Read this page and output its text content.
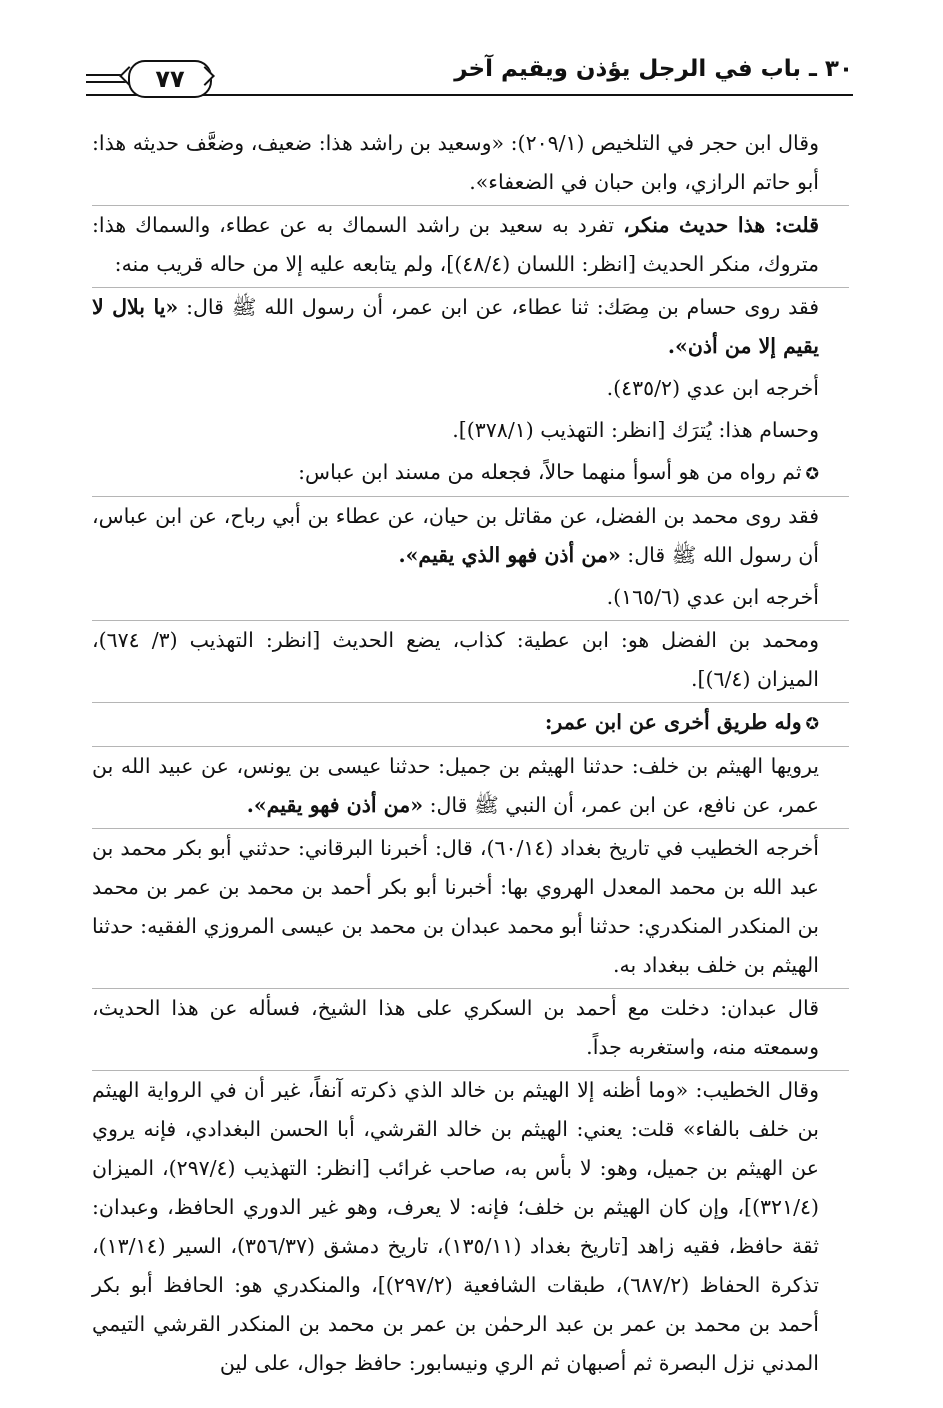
٣٠ ـ باب في الرجل يؤذن ويقيم آخر
٧٧

وقال ابن حجر في التلخيص (٢٠٩/١): «وسعيد بن راشد هذا: ضعيف، وضعَّف حديثه هذا: أبو حاتم الرازي، وابن حبان في الضعفاء».

قلت: هذا حديث منكر، تفرد به سعيد بن راشد السماك به عن عطاء، والسماك هذا: متروك، منكر الحديث [انظر: اللسان (٤٨/٤)]، ولم يتابعه عليه إلا من حاله قريب منه:

فقد روى حسام بن مِصَك: ثنا عطاء، عن ابن عمر، أن رسول الله ﷺ قال: «يا بلال لا يقيم إلا من أذن».

أخرجه ابن عدي (٤٣٥/٢).

وحسام هذا: يُترَك [انظر: التهذيب (٣٧٨/١)].

✪ثم رواه من هو أسوأ منهما حالاً، فجعله من مسند ابن عباس:

فقد روى محمد بن الفضل، عن مقاتل بن حيان، عن عطاء بن أبي رباح، عن ابن عباس، أن رسول الله ﷺ قال: «من أذن فهو الذي يقيم».

أخرجه ابن عدي (١٦٥/٦).

ومحمد بن الفضل هو: ابن عطية: كذاب، يضع الحديث [انظر: التهذيب (٣/ ٦٧٤)، الميزان (٦/٤)].

✪وله طريق أخرى عن ابن عمر:

يرويها الهيثم بن خلف: حدثنا الهيثم بن جميل: حدثنا عيسى بن يونس، عن عبيد الله بن عمر، عن نافع، عن ابن عمر، أن النبي ﷺ قال: «من أذن فهو يقيم».

أخرجه الخطيب في تاريخ بغداد (٦٠/١٤)، قال: أخبرنا البرقاني: حدثني أبو بكر محمد بن عبد الله بن محمد المعدل الهروي بها: أخبرنا أبو بكر أحمد بن محمد بن عمر بن محمد بن المنكدر المنكدري: حدثنا أبو محمد عبدان بن محمد بن عيسى المروزي الفقيه: حدثنا الهيثم بن خلف ببغداد به.

قال عبدان: دخلت مع أحمد بن السكري على هذا الشيخ، فسأله عن هذا الحديث، وسمعته منه، واستغربه جداً.

وقال الخطيب: «وما أظنه إلا الهيثم بن خالد الذي ذكرته آنفاً، غير أن في الرواية الهيثم بن خلف بالفاء» قلت: يعني: الهيثم بن خالد القرشي، أبا الحسن البغدادي، فإنه يروي عن الهيثم بن جميل، وهو: لا بأس به، صاحب غرائب [انظر: التهذيب (٢٩٧/٤)، الميزان (٣٢١/٤)]، وإن كان الهيثم بن خلف؛ فإنه: لا يعرف، وهو غير الدوري الحافظ، وعبدان: ثقة حافظ، فقيه زاهد [تاريخ بغداد (١٣٥/١١)، تاريخ دمشق (٣٥٦/٣٧)، السير (١٣/١٤)، تذكرة الحفاظ (٦٨٧/٢)، طبقات الشافعية (٢٩٧/٢)]، والمنكدري هو: الحافظ أبو بكر أحمد بن محمد بن عمر بن عبد الرحمٰن بن عمر بن محمد بن المنكدر القرشي التيمي المدني نزل البصرة ثم أصبهان ثم الري ونيسابور: حافظ جوال، على لين
